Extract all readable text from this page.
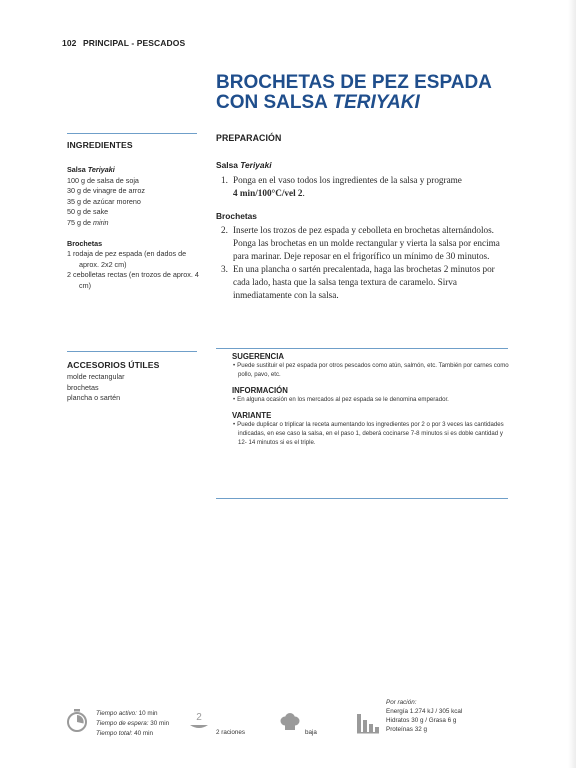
102 PRINCIPAL - PESCADOS
BROCHETAS DE PEZ ESPADA
CON SALSA TERIYAKI
INGREDIENTES
Salsa Teriyaki
100 g de salsa de soja
30 g de vinagre de arroz
35 g de azúcar moreno
50 g de sake
75 g de mirin
Brochetas
1 rodaja de pez espada (en dados de aprox. 2x2 cm)
2 cebolletas rectas (en trozos de aprox. 4 cm)
ACCESORIOS ÚTILES
molde rectangular
brochetas
plancha o sartén
PREPARACIÓN
Salsa Teriyaki
1. Ponga en el vaso todos los ingredientes de la salsa y programe
4 min/100°C/vel 2.
Brochetas
2. Inserte los trozos de pez espada y cebolleta en brochetas alternándolos. Ponga las brochetas en un molde rectangular y vierta la salsa por encima para marinar. Deje reposar en el frigorífico un mínimo de 30 minutos.
3. En una plancha o sartén precalentada, haga las brochetas 2 minutos por cada lado, hasta que la salsa tenga textura de caramelo. Sirva inmediatamente con la salsa.
SUGERENCIA
• Puede sustituir el pez espada por otros pescados como atún, salmón, etc. También por carnes como pollo, pavo, etc.
INFORMACIÓN
• En alguna ocasión en los mercados al pez espada se le denomina emperador.
VARIANTE
• Puede duplicar o triplicar la receta aumentando los ingredientes por 2 o por 3 veces las cantidades indicadas, en ese caso la salsa, en el paso 1, deberá cocinarse 7-8 minutos si es doble cantidad y 12- 14 minutos si es el triple.
Tiempo activo: 10 min
Tiempo de espera: 30 min
Tiempo total: 40 min
2
2 raciones	baja
Por ración:
Energía 1.274 kJ / 305 kcal
Hidratos 30 g / Grasa 6 g
Proteínas 32 g
